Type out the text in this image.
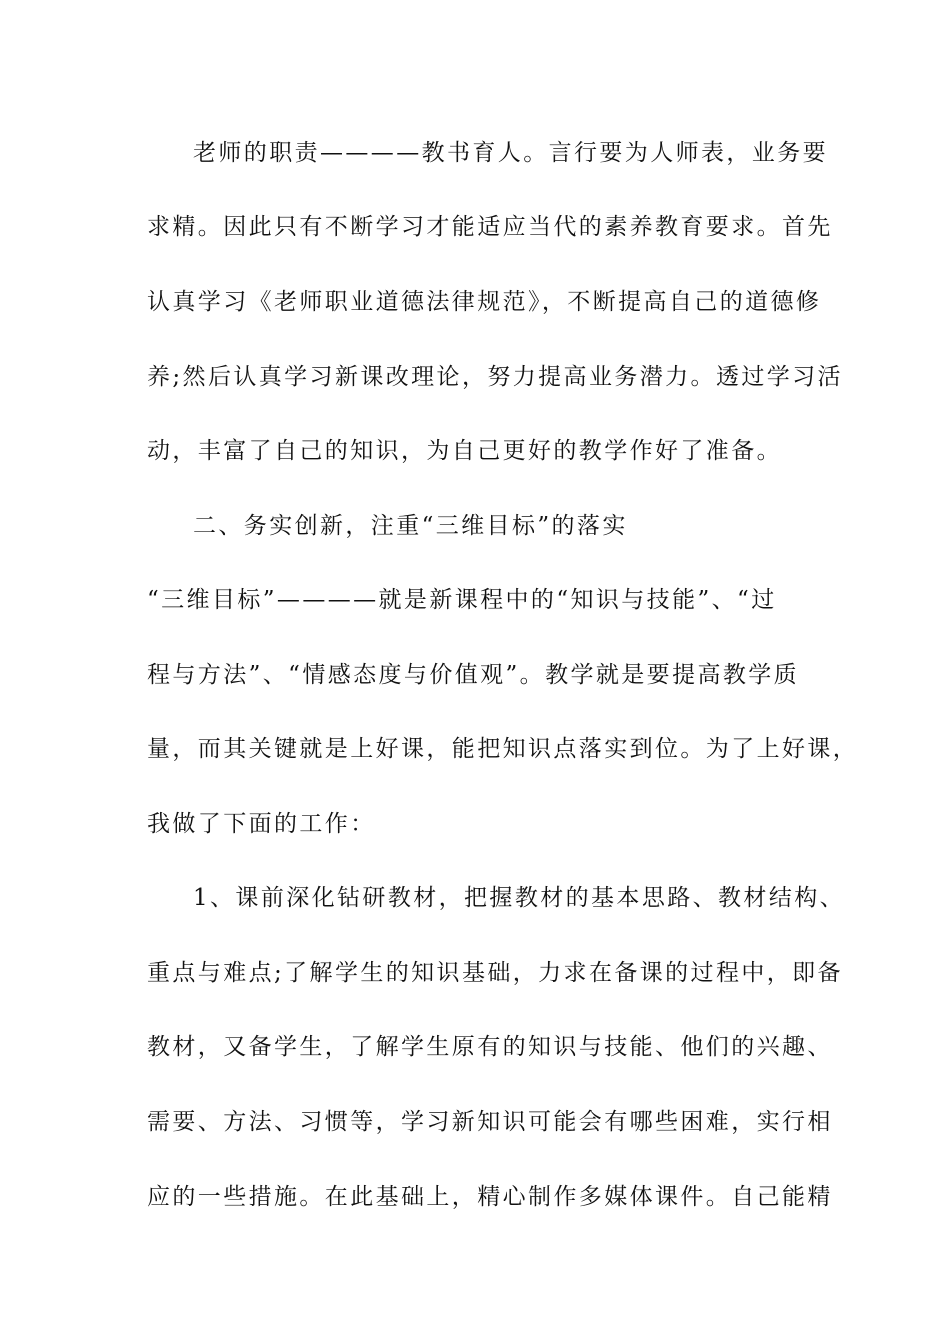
老师的职责————教书育人。言行要为人师表，业务要
求精。因此只有不断学习才能适应当代的素养教育要求。首先
认真学习《老师职业道德法律规范》，不断提高自己的道德修
养;然后认真学习新课改理论，努力提高业务潜力。透过学习活
动，丰富了自己的知识，为自己更好的教学作好了准备。
二、务实创新，注重“三维目标”的落实
“三维目标”————就是新课程中的“知识与技能”、“过
程与方法”、“情感态度与价值观”。教学就是要提高教学质
量，而其关键就是上好课，能把知识点落实到位。为了上好课，
我做了下面的工作：
1、课前深化钻研教材，把握教材的基本思路、教材结构、
重点与难点;了解学生的知识基础，力求在备课的过程中，即备
教材，又备学生，了解学生原有的知识与技能、他们的兴趣、
需要、方法、习惯等，学习新知识可能会有哪些困难，实行相
应的一些措施。在此基础上，精心制作多媒体课件。自己能精
